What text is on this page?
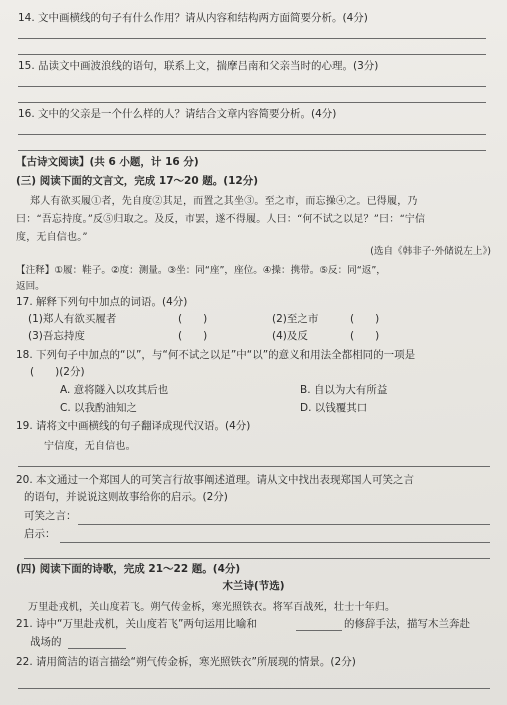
14. 文中画横线的句子有什么作用？请从内容和结构两方面简要分析。(4分)
15. 品读文中画波浪线的语句，联系上文，揣摩吕南和父亲当时的心理。(3分)
16. 文中的父亲是一个什么样的人？请结合文章内容简要分析。(4分)
【古诗文阅读】(共 6 小题，计 16 分)
(三) 阅读下面的文言文，完成 17～20 题。(12分)
郑人有欲买履①者，先自度②其足，而置之其坐③。至之市，而忘操④之。已得履，乃
曰：“吾忘持度。”反⑤归取之。及反，市罢，遂不得履。人曰：“何不试之以足？”曰：“宁信
度，无自信也。”
(选自《韩非子·外储说左上》)
【注释】①履：鞋子。②度：测量。③坐：同“座”，座位。④操：携带。⑤反：同“返”，
返回。
17. 解释下列句中加点的词语。(4分)
(1)郑人有欲买履者	(　　)	(2)至之市	(　　)
(3)吾忘持度	(　　)	(4)及反	(　　)
18. 下列句子中加点的“以”，与“何不试之以足”中“以”的意义和用法全都相同的一项是
(　　)(2分)
A. 意将隧入以攻其后也	B. 自以为大有所益
C. 以我酌油知之	D. 以钱覆其口
19. 请将文中画横线的句子翻译成现代汉语。(4分)
宁信度，无自信也。
20. 本文通过一个郑国人的可笑言行故事阐述道理。请从文中找出表现郑国人可笑之言
的语句，并说说这则故事给你的启示。(2分)
可笑之言：
启示：
(四) 阅读下面的诗歌，完成 21～22 题。(4分)
木兰诗(节选)
万里赴戎机，关山度若飞。朔气传金柝，寒光照铁衣。将军百战死，壮士十年归。
21. 诗中“万里赴戎机，关山度若飞”两句运用比喻和	的修辞手法，描写木兰奔赴
战场的
22. 请用简洁的语言描绘“朔气传金柝，寒光照铁衣”所展现的情景。(2分)
